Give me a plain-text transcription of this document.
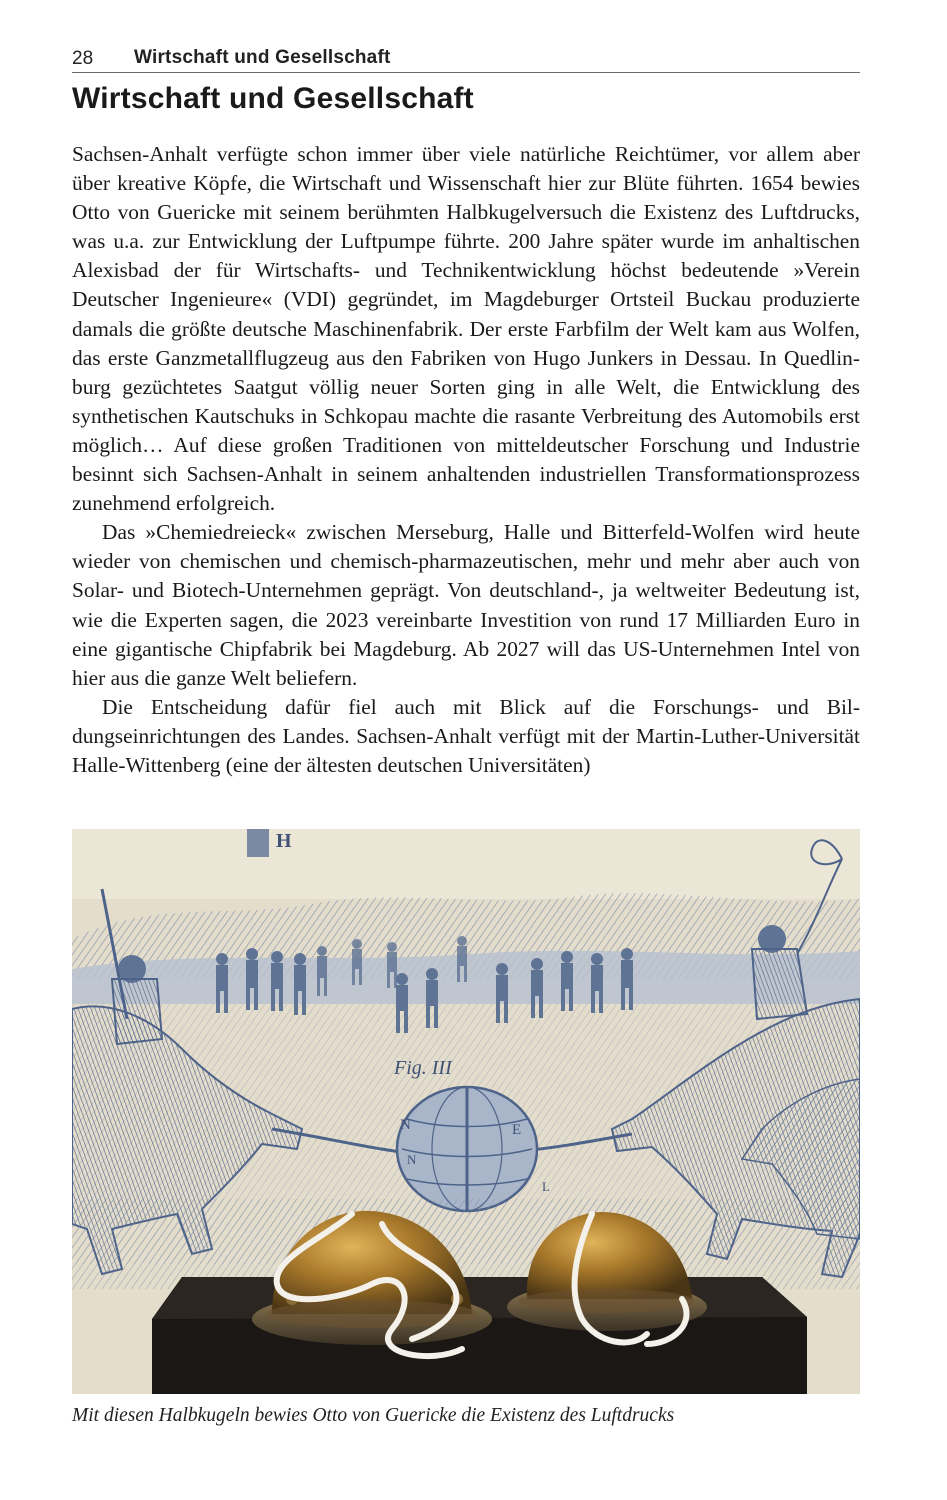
28 Wirtschaft und Gesellschaft
Wirtschaft und Gesellschaft

Sachsen-Anhalt verfügte schon immer über viele natürliche Reichtümer, vor allem aber über kreative Köpfe, die Wirtschaft und Wissenschaft hier zur Blüte führten. 1654 bewies Otto von Guericke mit seinem berühmten Halbkugelversuch die Existenz des Luftdrucks, was u.a. zur Entwicklung der Luftpumpe führte. 200 Jahre später wurde im anhaltischen Alexisbad der für Wirtschafts- und Technikentwicklung höchst bedeutende »Verein Deutscher Ingenieure« (VDI) gegründet, im Magdeburger Ortsteil Buckau produzierte damals die größte deutsche Maschinenfabrik. Der erste Farbfilm der Welt kam aus Wolfen, das erste Ganzmetallflugzeug aus den Fabriken von Hugo Junkers in Dessau. In Quedlinburg gezüchtetes Saatgut völlig neuer Sorten ging in alle Welt, die Entwicklung des synthetischen Kautschuks in Schkopau machte die rasante Verbreitung des Automobils erst möglich… Auf diese großen Traditionen von mitteldeutscher Forschung und Industrie besinnt sich Sachsen-Anhalt in seinem anhaltenden industriellen Transformationsprozess zunehmend erfolgreich.

Das »Chemiedreieck« zwischen Merseburg, Halle und Bitterfeld-Wolfen wird heute wieder von chemischen und chemisch-pharmazeutischen, mehr und mehr aber auch von Solar- und Biotech-Unternehmen geprägt. Von deutschland-, ja weltweiter Bedeutung ist, wie die Experten sagen, die 2023 vereinbarte Investition von rund 17 Milliarden Euro in eine gigantische Chipfabrik bei Magdeburg. Ab 2027 will das US-Unternehmen Intel von hier aus die ganze Welt beliefern.

Die Entscheidung dafür fiel auch mit Blick auf die Forschungs- und Bildungseinrichtungen des Landes. Sachsen-Anhalt verfügt mit der Martin-Luther-Universität Halle-Wittenberg (eine der ältesten deutschen Universitäten)

Fig. III
N
N
E
L
H
Mit diesen Halbkugeln bewies Otto von Guericke die Existenz des Luftdrucks
